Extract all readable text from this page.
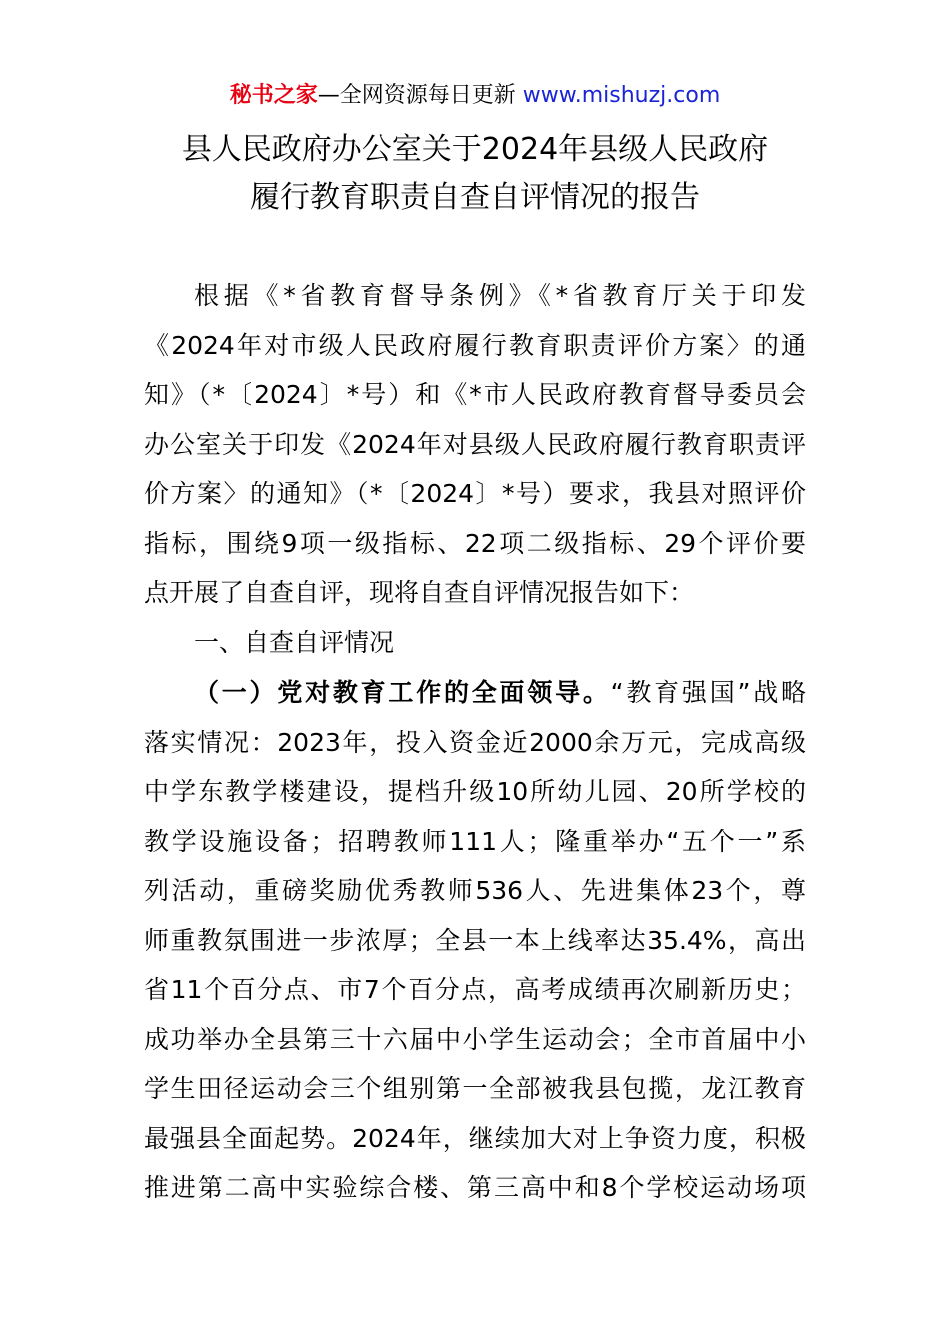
秘书之家—全网资源每日更新 www.mishuzj.com
县人民政府办公室关于2024年县级人民政府
履行教育职责自查自评情况的报告
根据《*省教育督导条例》《*省教育厅关于印发
《2024年对市级人民政府履行教育职责评价方案〉的通
知》（*〔2024〕*号）和《*市人民政府教育督导委员会
办公室关于印发《2024年对县级人民政府履行教育职责评
价方案〉的通知》（*〔2024〕*号）要求，我县对照评价
指标，围绕9项一级指标、22项二级指标、29个评价要
点开展了自查自评，现将自查自评情况报告如下：
一、自查自评情况
（一）党对教育工作的全面领导。“教育强国”战略
落实情况：2023年，投入资金近2000余万元，完成高级
中学东教学楼建设，提档升级10所幼儿园、20所学校的
教学设施设备；招聘教师111人；隆重举办“五个一”系
列活动，重磅奖励优秀教师536人、先进集体23个，尊
师重教氛围进一步浓厚；全县一本上线率达35.4%，高出
省11个百分点、市7个百分点，高考成绩再次刷新历史；
成功举办全县第三十六届中小学生运动会；全市首届中小
学生田径运动会三个组别第一全部被我县包揽，龙江教育
最强县全面起势。2024年，继续加大对上争资力度，积极
推进第二高中实验综合楼、第三高中和8个学校运动场项
